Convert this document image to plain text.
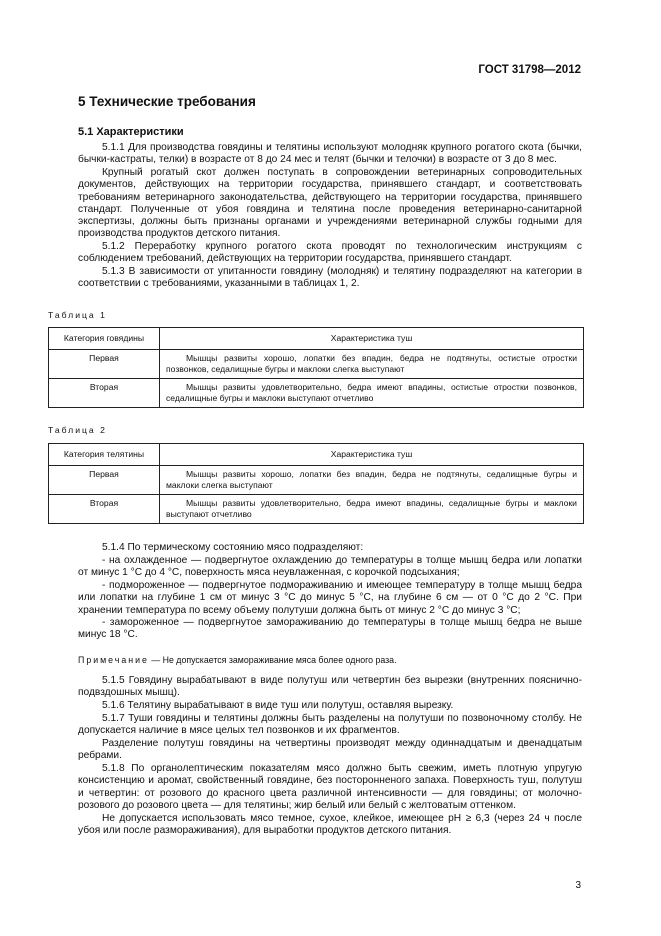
ГОСТ 31798—2012
5 Технические требования
5.1 Характеристики

5.1.1 Для производства говядины и телятины используют молодняк крупного рогатого скота (бычки, бычки-кастраты, телки) в возрасте от 8 до 24 мес и телят (бычки и телочки) в возрасте от 3 до 8 мес.

Крупный рогатый скот должен поступать в сопровождении ветеринарных сопроводительных документов, действующих на территории государства, принявшего стандарт, и соответствовать требованиям ветеринарного законодательства, действующего на территории государства, принявшего стандарт. Полученные от убоя говядина и телятина после проведения ветеринарно-санитарной экспертизы, должны быть признаны органами и учреждениями ветеринарной службы годными для производства продуктов детского питания.

5.1.2 Переработку крупного рогатого скота проводят по технологическим инструкциям с соблюдением требований, действующих на территории государства, принявшего стандарт.

5.1.3 В зависимости от упитанности говядину (молодняк) и телятину подразделяют на категории в соответствии с требованиями, указанными в таблицах 1, 2.

Таблица 1
Категория говядины	Характеристика туш
Первая	Мышцы развиты хорошо, лопатки без впадин, бедра не подтянуты, остистые отростки позвонков, седалищные бугры и маклоки слегка выступают
Вторая	Мышцы развиты удовлетворительно, бедра имеют впадины, остистые отростки позвонков, седалищные бугры и маклоки выступают отчетливо
Таблица 2
Категория телятины	Характеристика туш
Первая	Мышцы развиты хорошо, лопатки без впадин, бедра не подтянуты, седалищные бугры и маклоки слегка выступают
Вторая	Мышцы развиты удовлетворительно, бедра имеют впадины, седалищные бугры и маклоки выступают отчетливо

5.1.4 По термическому состоянию мясо подразделяют:

- на охлажденное — подвергнутое охлаждению до температуры в толще мышц бедра или лопатки от минус 1 °С до 4 °С, поверхность мяса неувлаженная, с корочкой подсыхания;

- подмороженное — подвергнутое подмораживанию и имеющее температуру в толще мышц бедра или лопатки на глубине 1 см от минус 3 °С до минус 5 °С, на глубине 6 см — от 0 °С до 2 °С. При хранении температура по всему объему полутуши должна быть от минус 2 °С до минус 3 °С;

- замороженное — подвергнутое замораживанию до температуры в толще мышц бедра не выше минус 18 °С.

Примечание — Не допускается замораживание мяса более одного раза.

5.1.5 Говядину вырабатывают в виде полутуш или четвертин без вырезки (внутренних пояснично-подвздошных мышц).

5.1.6 Телятину вырабатывают в виде туш или полутуш, оставляя вырезку.

5.1.7 Туши говядины и телятины должны быть разделены на полутуши по позвоночному столбу. Не допускается наличие в мясе целых тел позвонков и их фрагментов.

Разделение полутуш говядины на четвертины производят между одиннадцатым и двенадцатым ребрами.

5.1.8 По органолептическим показателям мясо должно быть свежим, иметь плотную упругую консистенцию и аромат, свойственный говядине, без посторонненого запаха. Поверхность туш, полутуш и четвертин: от розового до красного цвета различной интенсивности — для говядины; от молочно-розового до розового цвета — для телятины; жир белый или белый с желтоватым оттенком.

Не допускается использовать мясо темное, сухое, клейкое, имеющее рН ≥ 6,3 (через 24 ч после убоя или после размораживания), для выработки продуктов детского питания.

3
